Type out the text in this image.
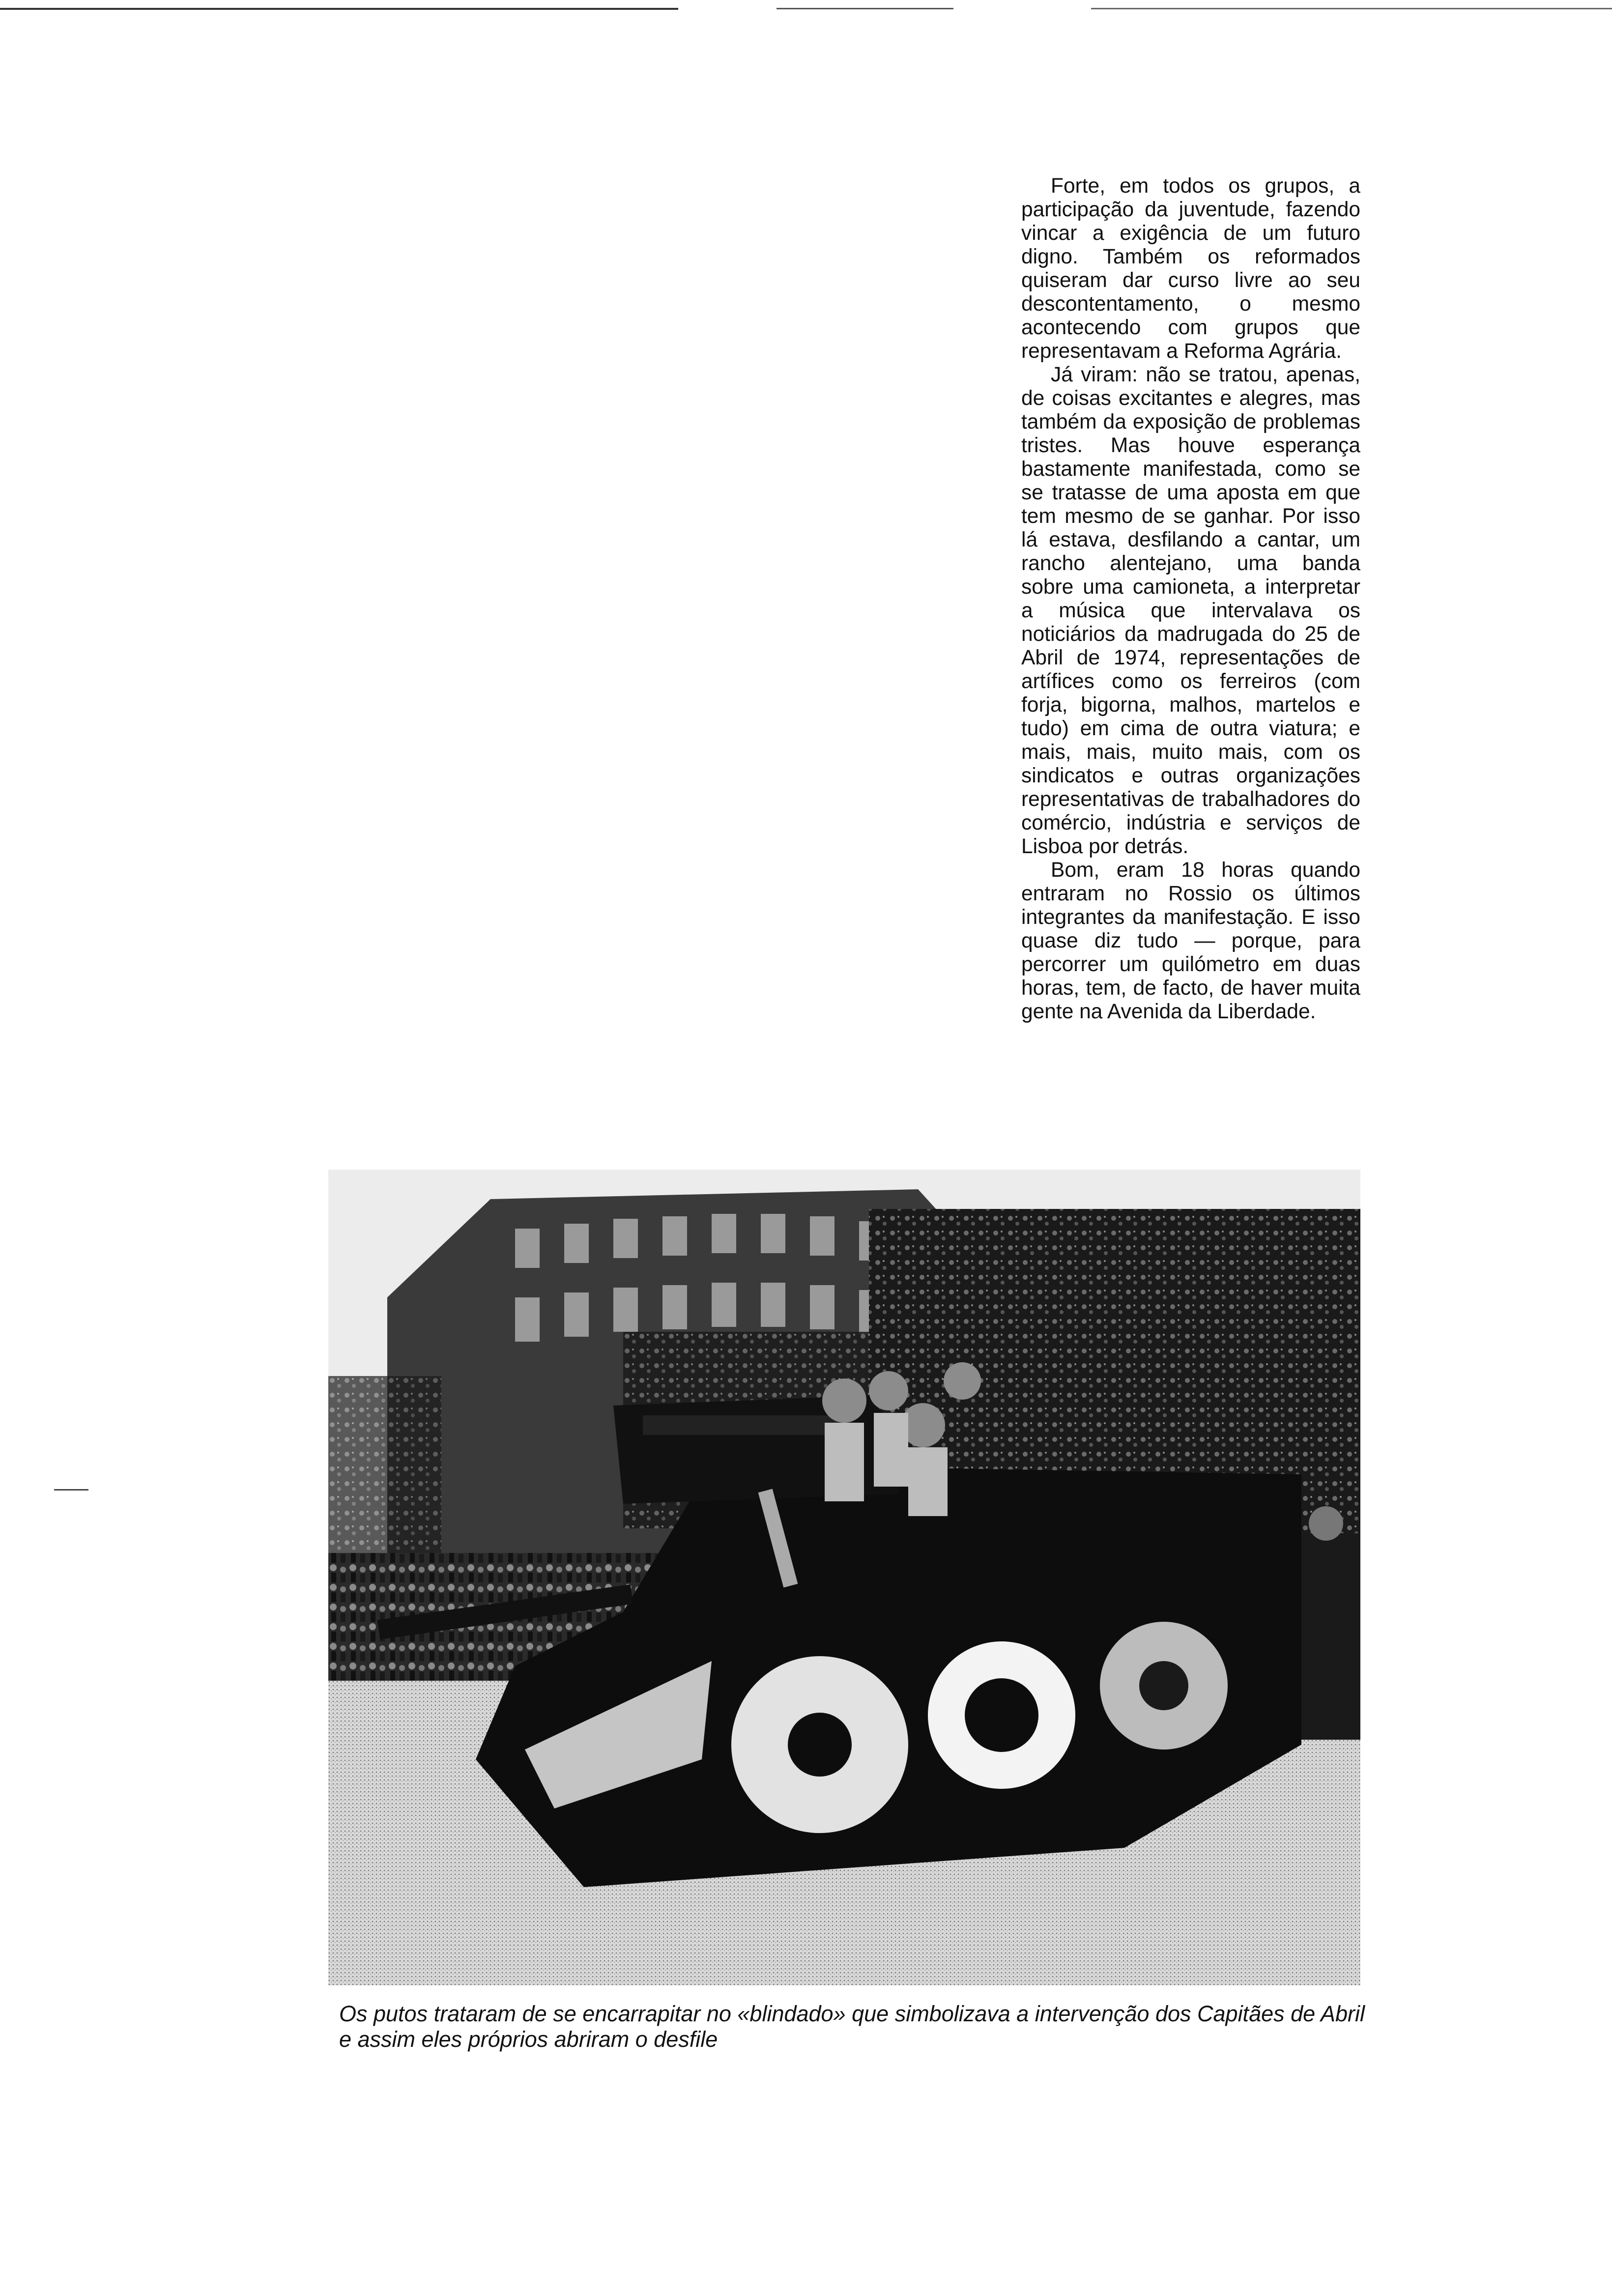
Forte, em todos os grupos, a participação da juventude, fazendo vincar a exigência de um futuro digno. Também os reformados quiseram dar curso livre ao seu descontentamento, o mesmo acontecendo com grupos que representavam a Reforma Agrária.

Já viram: não se tratou, apenas, de coisas excitantes e alegres, mas também da exposição de problemas tristes. Mas houve esperança bastamente manifestada, como se se tratasse de uma aposta em que tem mesmo de se ganhar. Por isso lá estava, desfilando a cantar, um rancho alentejano, uma banda sobre uma camioneta, a interpretar a música que intervalava os noticiários da madrugada do 25 de Abril de 1974, representações de artífices como os ferreiros (com forja, bigorna, malhos, martelos e tudo) em cima de outra viatura; e mais, mais, muito mais, com os sindicatos e outras organizações representativas de trabalhadores do comércio, indústria e serviços de Lisboa por detrás.

Bom, eram 18 horas quando entraram no Rossio os últimos integrantes da manifestação. E isso quase diz tudo — porque, para percorrer um quilómetro em duas horas, tem, de facto, de haver muita gente na Avenida da Liberdade.

Os putos trataram de se encarrapitar no «blindado» que simbolizava a intervenção dos Capitães de Abril e assim eles próprios abriram o desfile
